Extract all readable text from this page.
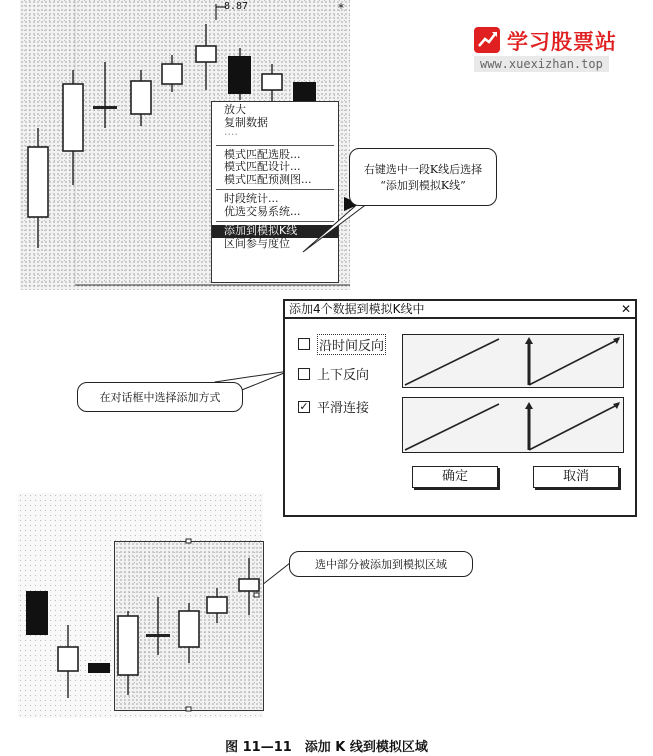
*
8.87
放大
复制数据
····
模式匹配选股...
模式匹配设计...
模式匹配预测图...
时段统计...
优选交易系统...
添加到模拟K线
区间参与度位
右键选中一段K线后选择
“添加到模拟K线”
学习股票站
www.xuexizhan.top
添加4个数据到模拟K线中	✕
沿时间反向
上下反向
✓ 平滑连接
确定	取消
在对话框中选择添加方式
选中部分被添加到模拟区域
图 11—11　添加 K 线到模拟区域
